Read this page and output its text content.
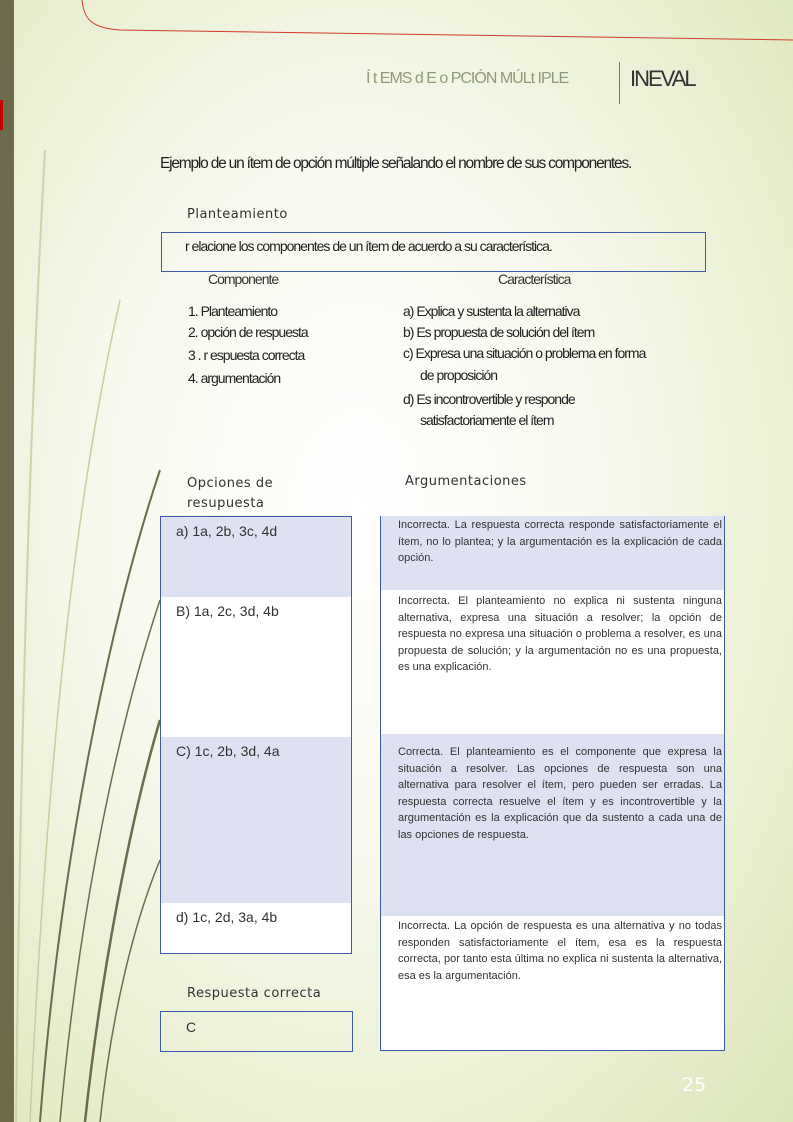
Í t EMS d E o PCIÓN MÚLt IPLE	INEVAL
Ejemplo de un ítem de opción múltiple señalando el nombre de sus componentes.
Planteamiento
r elacione los componentes de un ítem de acuerdo a su característica.
Componente	Característica
1. Planteamiento
2. opción de respuesta
3 . r espuesta correcta
4. argumentación
a) Explica y sustenta la alternativa
b) Es propuesta de solución del ítem
c) Expresa una situación o problema en forma
de proposición
d) Es incontrovertible y responde
satisfactoriamente el ítem
Opciones de
resupuesta
Argumentaciones
a) 1a, 2b, 3c, 4d
B) 1a, 2c, 3d, 4b
C) 1c, 2b, 3d, 4a
d) 1c, 2d, 3a, 4b
Incorrecta. La respuesta correcta responde satisfactoriamente el ítem, no lo plantea; y la argumentación es la explicación de cada opción.
Incorrecta. El planteamiento no explica ni sustenta ninguna alternativa, expresa una situación a resolver; la opción de respuesta no expresa una situación o problema a resolver, es una propuesta de solución; y la argumentación no es una propuesta, es una explicación.
Correcta. El planteamiento es el componente que expresa la situación a resolver. Las opciones de respuesta son una alternativa para resolver el ítem, pero pueden ser erradas. La respuesta correcta resuelve el ítem y es incontrovertible y la argumentación es la explicación que da sustento a cada una de las opciones de respuesta.
Incorrecta. La opción de respuesta es una alternativa y no todas responden satisfactoriamente el ítem, esa es la respuesta correcta, por tanto esta última no explica ni sustenta la alternativa, esa es la argumentación.
Respuesta correcta
C
25
